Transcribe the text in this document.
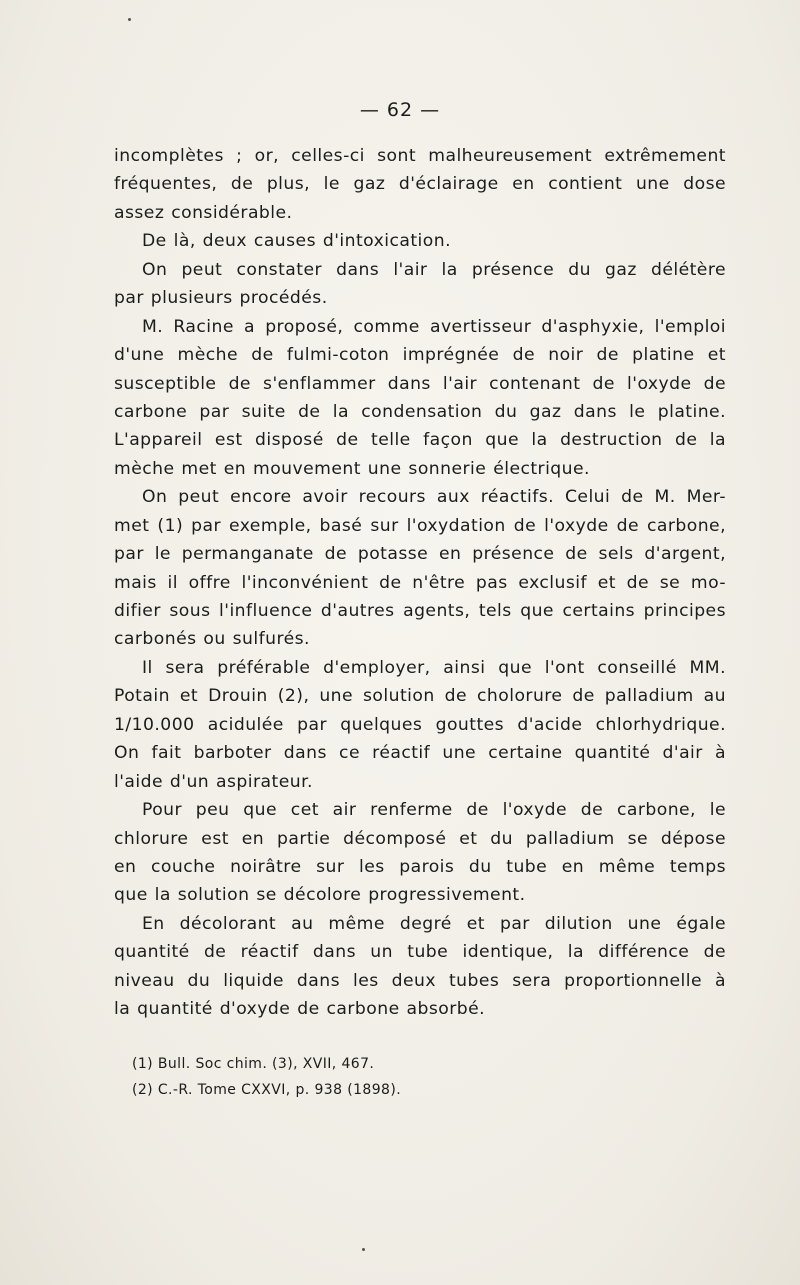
— 62 —
incomplètes ; or, celles-ci sont malheureusement extrêmement
fréquentes, de plus, le gaz d'éclairage en contient une dose
assez considérable.
De là, deux causes d'intoxication.
On peut constater dans l'air la présence du gaz délétère
par plusieurs procédés.
M. Racine a proposé, comme avertisseur d'asphyxie, l'emploi
d'une mèche de fulmi-coton imprégnée de noir de platine et
susceptible de s'enflammer dans l'air contenant de l'oxyde de
carbone par suite de la condensation du gaz dans le platine.
L'appareil est disposé de telle façon que la destruction de la
mèche met en mouvement une sonnerie électrique.
On peut encore avoir recours aux réactifs. Celui de M. Mer-
met (1) par exemple, basé sur l'oxydation de l'oxyde de carbone,
par le permanganate de potasse en présence de sels d'argent,
mais il offre l'inconvénient de n'être pas exclusif et de se mo-
difier sous l'influence d'autres agents, tels que certains principes
carbonés ou sulfurés.
Il sera préférable d'employer, ainsi que l'ont conseillé MM.
Potain et Drouin (2), une solution de cholorure de palladium au
1/10.000 acidulée par quelques gouttes d'acide chlorhydrique.
On fait barboter dans ce réactif une certaine quantité d'air à
l'aide d'un aspirateur.
Pour peu que cet air renferme de l'oxyde de carbone, le
chlorure est en partie décomposé et du palladium se dépose
en couche noirâtre sur les parois du tube en même temps
que la solution se décolore progressivement.
En décolorant au même degré et par dilution une égale
quantité de réactif dans un tube identique, la différence de
niveau du liquide dans les deux tubes sera proportionnelle à
la quantité d'oxyde de carbone absorbé.
(1) Bull. Soc chim. (3), XVII, 467.
(2) C.-R. Tome CXXVI, p. 938 (1898).
